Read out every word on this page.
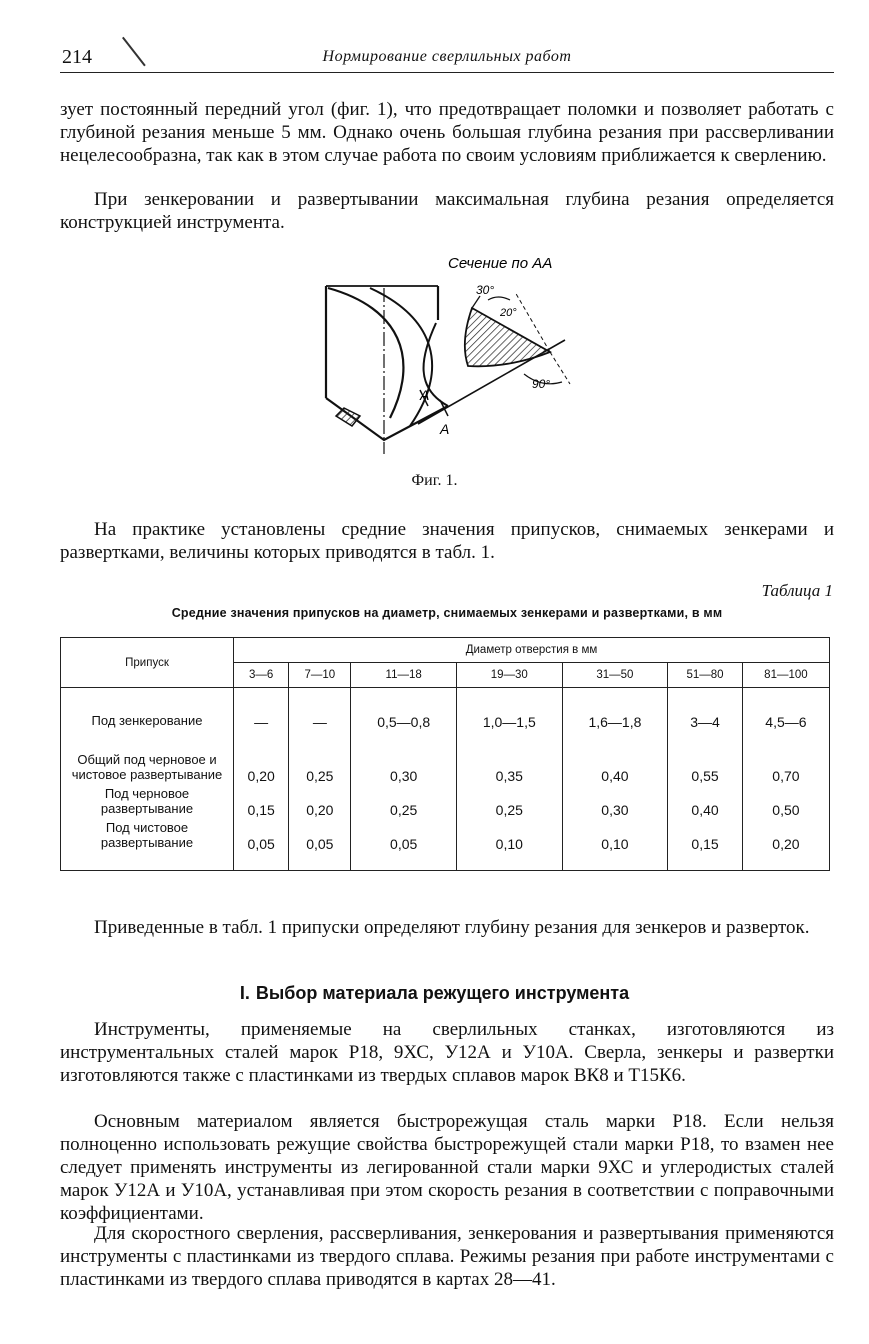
214	Нормирование сверлильных работ

зует постоянный передний угол (фиг. 1), что предотвращает поломки и позволяет работать с глубиной резания меньше 5 мм. Однако очень большая глубина резания при рассверливании нецелесообразна, так как в этом случае работа по своим условиям приближается к сверлению.

При зенкеровании и развертывании максимальная глубина резания определяется конструкцией инструмента.

А
А
Сечение по АА
30°
20°
90°
Фиг. 1.

На практике установлены средние значения припусков, снимаемых зенкерами и развертками, величины которых приводятся в табл. 1.

Таблица 1
Средние значения припусков на диаметр, снимаемых зенкерами и развертками, в мм
Припуск	Диаметр отверстия в мм						
	3—6	7—10	11—18	19—30	31—50	51—80	81—100

Под зенкерование	—	—	0,5—0,8	1,0—1,5	1,6—1,8	3—4	4,5—6
Общий под черновое и чистовое развертывание	0,20	0,25	0,30	0,35	0,40	0,55	0,70
Под черновое развертывание	0,15	0,20	0,25	0,25	0,30	0,40	0,50
Под чистовое развертывание	0,05	0,05	0,05	0,10	0,10	0,15	0,20

Приведенные в табл. 1 припуски определяют глубину резания для зенкеров и разверток.

I. Выбор материала режущего инструмента

Инструменты, применяемые на сверлильных станках, изготовляются из инструментальных сталей марок Р18, 9ХС, У12А и У10А. Сверла, зенкеры и развертки изготовляются также с пластинками из твердых сплавов марок ВК8 и Т15К6.

Основным материалом является быстрорежущая сталь марки Р18. Если нельзя полноценно использовать режущие свойства быстрорежущей стали марки Р18, то взамен нее следует применять инструменты из легированной стали марки 9ХС и углеродистых сталей марок У12А и У10А, устанавливая при этом скорость резания в соответствии с поправочными коэффициентами.

Для скоростного сверления, рассверливания, зенкерования и развертывания применяются инструменты с пластинками из твердого сплава. Режимы резания при работе инструментами с пластинками из твердого сплава приводятся в картах 28—41.
